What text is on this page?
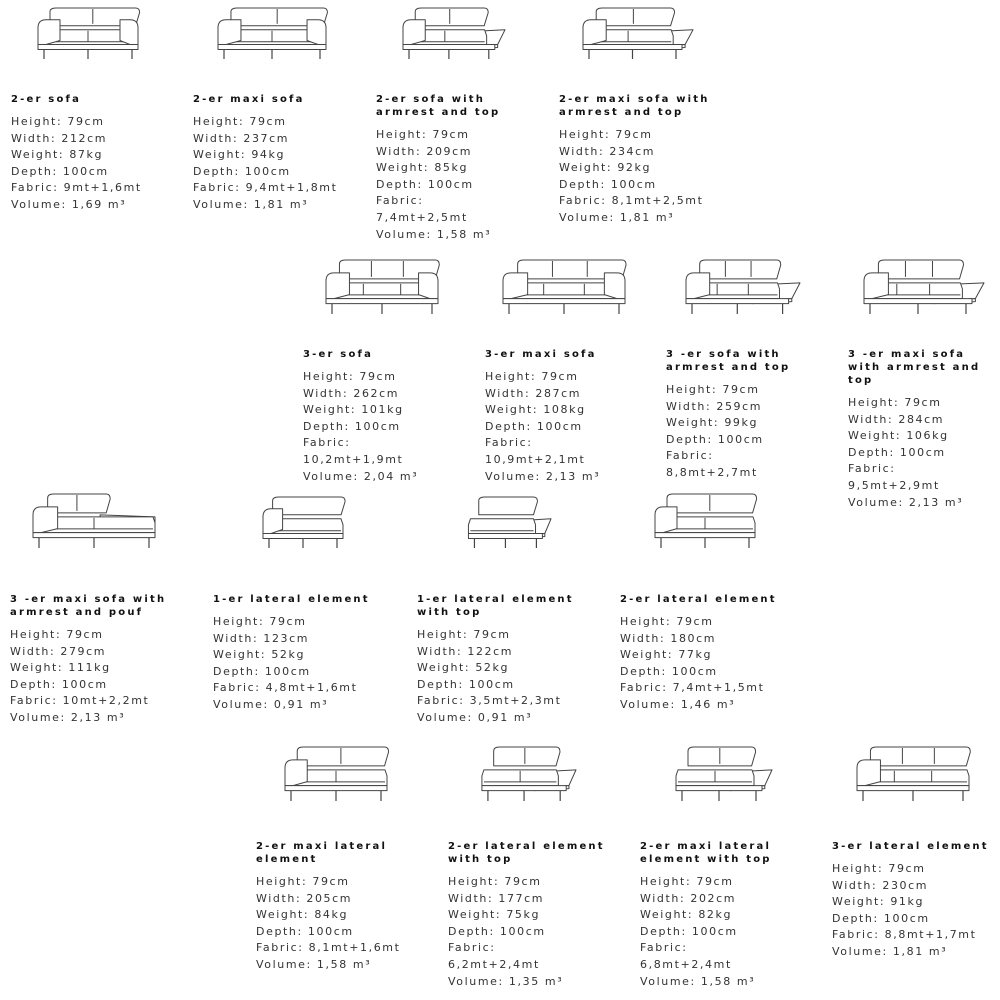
2-er sofa
Height: 79cm
Width: 212cm
Weight: 87kg
Depth: 100cm
Fabric: 9mt+1,6mt
Volume: 1,69 m³
2-er maxi sofa
Height: 79cm
Width: 237cm
Weight: 94kg
Depth: 100cm
Fabric: 9,4mt+1,8mt
Volume: 1,81 m³
2-er sofa with armrest and top
Height: 79cm
Width: 209cm
Weight: 85kg
Depth: 100cm
Fabric:
7,4mt+2,5mt
Volume: 1,58 m³
2-er maxi sofa with armrest and top
Height: 79cm
Width: 234cm
Weight: 92kg
Depth: 100cm
Fabric: 8,1mt+2,5mt
Volume: 1,81 m³
3-er sofa
Height: 79cm
Width: 262cm
Weight: 101kg
Depth: 100cm
Fabric:
10,2mt+1,9mt
Volume: 2,04 m³
3-er maxi sofa
Height: 79cm
Width: 287cm
Weight: 108kg
Depth: 100cm
Fabric:
10,9mt+2,1mt
Volume: 2,13 m³
3 -er sofa with armrest and top
Height: 79cm
Width: 259cm
Weight: 99kg
Depth: 100cm
Fabric:
8,8mt+2,7mt
3 -er maxi sofa with armrest and top
Height: 79cm
Width: 284cm
Weight: 106kg
Depth: 100cm
Fabric:
9,5mt+2,9mt
Volume: 2,13 m³
3 -er maxi sofa with armrest and pouf
Height: 79cm
Width: 279cm
Weight: 111kg
Depth: 100cm
Fabric: 10mt+2,2mt
Volume: 2,13 m³
1-er lateral element
Height: 79cm
Width: 123cm
Weight: 52kg
Depth: 100cm
Fabric: 4,8mt+1,6mt
Volume: 0,91 m³
1-er lateral element with top
Height: 79cm
Width: 122cm
Weight: 52kg
Depth: 100cm
Fabric: 3,5mt+2,3mt
Volume: 0,91 m³
2-er lateral element
Height: 79cm
Width: 180cm
Weight: 77kg
Depth: 100cm
Fabric: 7,4mt+1,5mt
Volume: 1,46 m³
2-er maxi lateral element
Height: 79cm
Width: 205cm
Weight: 84kg
Depth: 100cm
Fabric: 8,1mt+1,6mt
Volume: 1,58 m³
2-er lateral element with top
Height: 79cm
Width: 177cm
Weight: 75kg
Depth: 100cm
Fabric:
6,2mt+2,4mt
Volume: 1,35 m³
2-er maxi lateral element with top
Height: 79cm
Width: 202cm
Weight: 82kg
Depth: 100cm
Fabric:
6,8mt+2,4mt
Volume: 1,58 m³
3-er lateral element
Height: 79cm
Width: 230cm
Weight: 91kg
Depth: 100cm
Fabric: 8,8mt+1,7mt
Volume: 1,81 m³
